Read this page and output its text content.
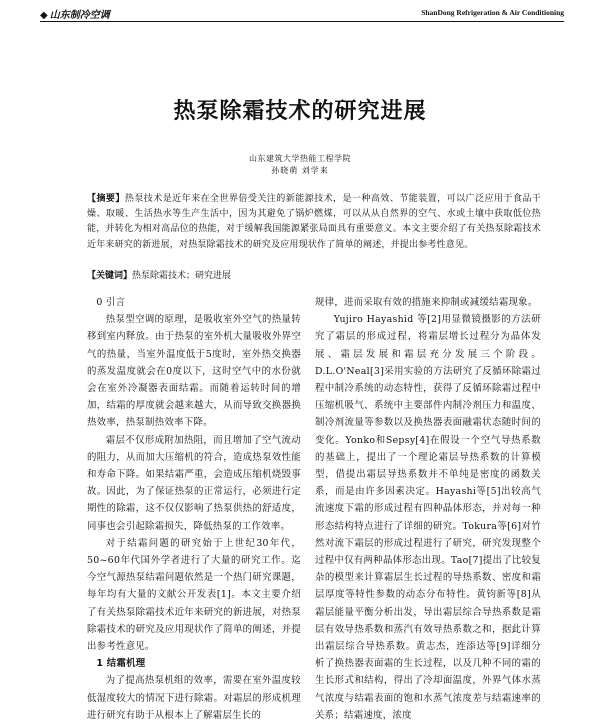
◆ 山东制冷空调	ShanDong Refrigeration & Air Conditioning
热泵除霜技术的研究进展
山东建筑大学热能工程学院
孙晓萌 刘学来
【摘要】热泵技术是近年来在全世界倍受关注的新能源技术，是一种高效、节能装置，可以广泛应用于食品干燥、取暖、生活热水等生产生活中，因为其避免了锅炉燃煤，可以从从自然界的空气、水或土壤中获取低位热能，并转化为相对高品位的热能，对于缓解我国能源紧张局面具有重要意义。本文主要介绍了有关热泵除霜技术近年来研究的新进展，对热泵除霜技术的研究及应用现状作了简单的阐述，并提出参考性意见。
【关键词】热泵除霜技术；研究进展
0 引言

热泵型空调的原理，是吸收室外空气的热量转移到室内释放。由于热泵的室外机大量吸收外界空气的热量，当室外温度低于5度时，室外热交换器的蒸发温度就会在0度以下，这时空气中的水份就会在室外冷凝器表面结霜。而随着运转时间的增加，结霜的厚度就会越来越大，从而导致交换器换热效率，热泵制热效率下降。

霜层不仅形成附加热阻，而且增加了空气流动的阻力，从而加大压缩机的符合，造成热泵效性能和寿命下降。如果结霜严重，会造成压缩机烧毁事故。因此，为了保证热泵的正常运行，必须进行定期性的除霜，这不仅仅影响了热泵供热的舒适度，同事也会引起除霜损失，降低热泵的工作效率。

对于结霜问题的研究始于上世纪30年代，50~60年代国外学者进行了大量的研究工作。迄今空气源热泵结霜问题依然是一个热门研究课题，每年均有大量的文献公开发表[1]。本文主要介绍了有关热泵除霜技术近年来研究的新进展，对热泵除霜技术的研究及应用现状作了简单的阐述，并提出参考性意见。

1 结霜机理

为了提高热泵机组的效率，需要在室外温度较低湿度较大的情况下进行除霜。对霜层的形成机理进行研究有助于从根本上了解霜层生长的

规律，进而采取有效的措施来抑制或减缓结霜现象。

Yujiro Hayashid 等[2]用显微镜摄影的方法研究了霜层的形成过程，将霜层增长过程分为晶体发展、霜层发展和霜层充分发展三个阶段。D.L.O'Neal[3]采用实验的方法研究了反循环除霜过程中制冷系统的动态特性，获得了反循环除霜过程中压缩机吸气、系统中主要部件内制冷剂压力和温度、制冷剂流量等参数以及换热器表面融霜状态随时间的变化。Yonko和Sepsy[4]在假设一个空气导热系数的基础上，提出了一个理论霜层导热系数的计算模型，借提出霜层导热系数并不单纯是密度的函数关系，而是由许多因素决定。Hayashi等[5]出较高气流速度下霜的形成过程有四种晶体形态，并对每一种形态结构特点进行了详细的研究。Tokura等[6]对竹然对流下霜层的形成过程进行了研究，研究发现整个过程中仅有两种晶体形态出现。Tao[7]提出了比较复杂的模型来计算霜层生长过程的导热系数、密度和霜层厚度等特性参数的动态分布特性。黄钧新等[8]从霜层能量平衡分析出发，导出霜层综合导热系数是霜层有效导热系数和蒸汽有效导热系数之和，据此计算出霜层综合导热系数。黄志杰，连添达等[9]详细分析了换热器表面霜的生长过程，以及几种不同的霜的生长形式和结构，得出了冷却面温度，外界气体水蒸气浓度与结霜表面的饱和水蒸气浓度差与结霜速率的关系；结霜速度，浓度
